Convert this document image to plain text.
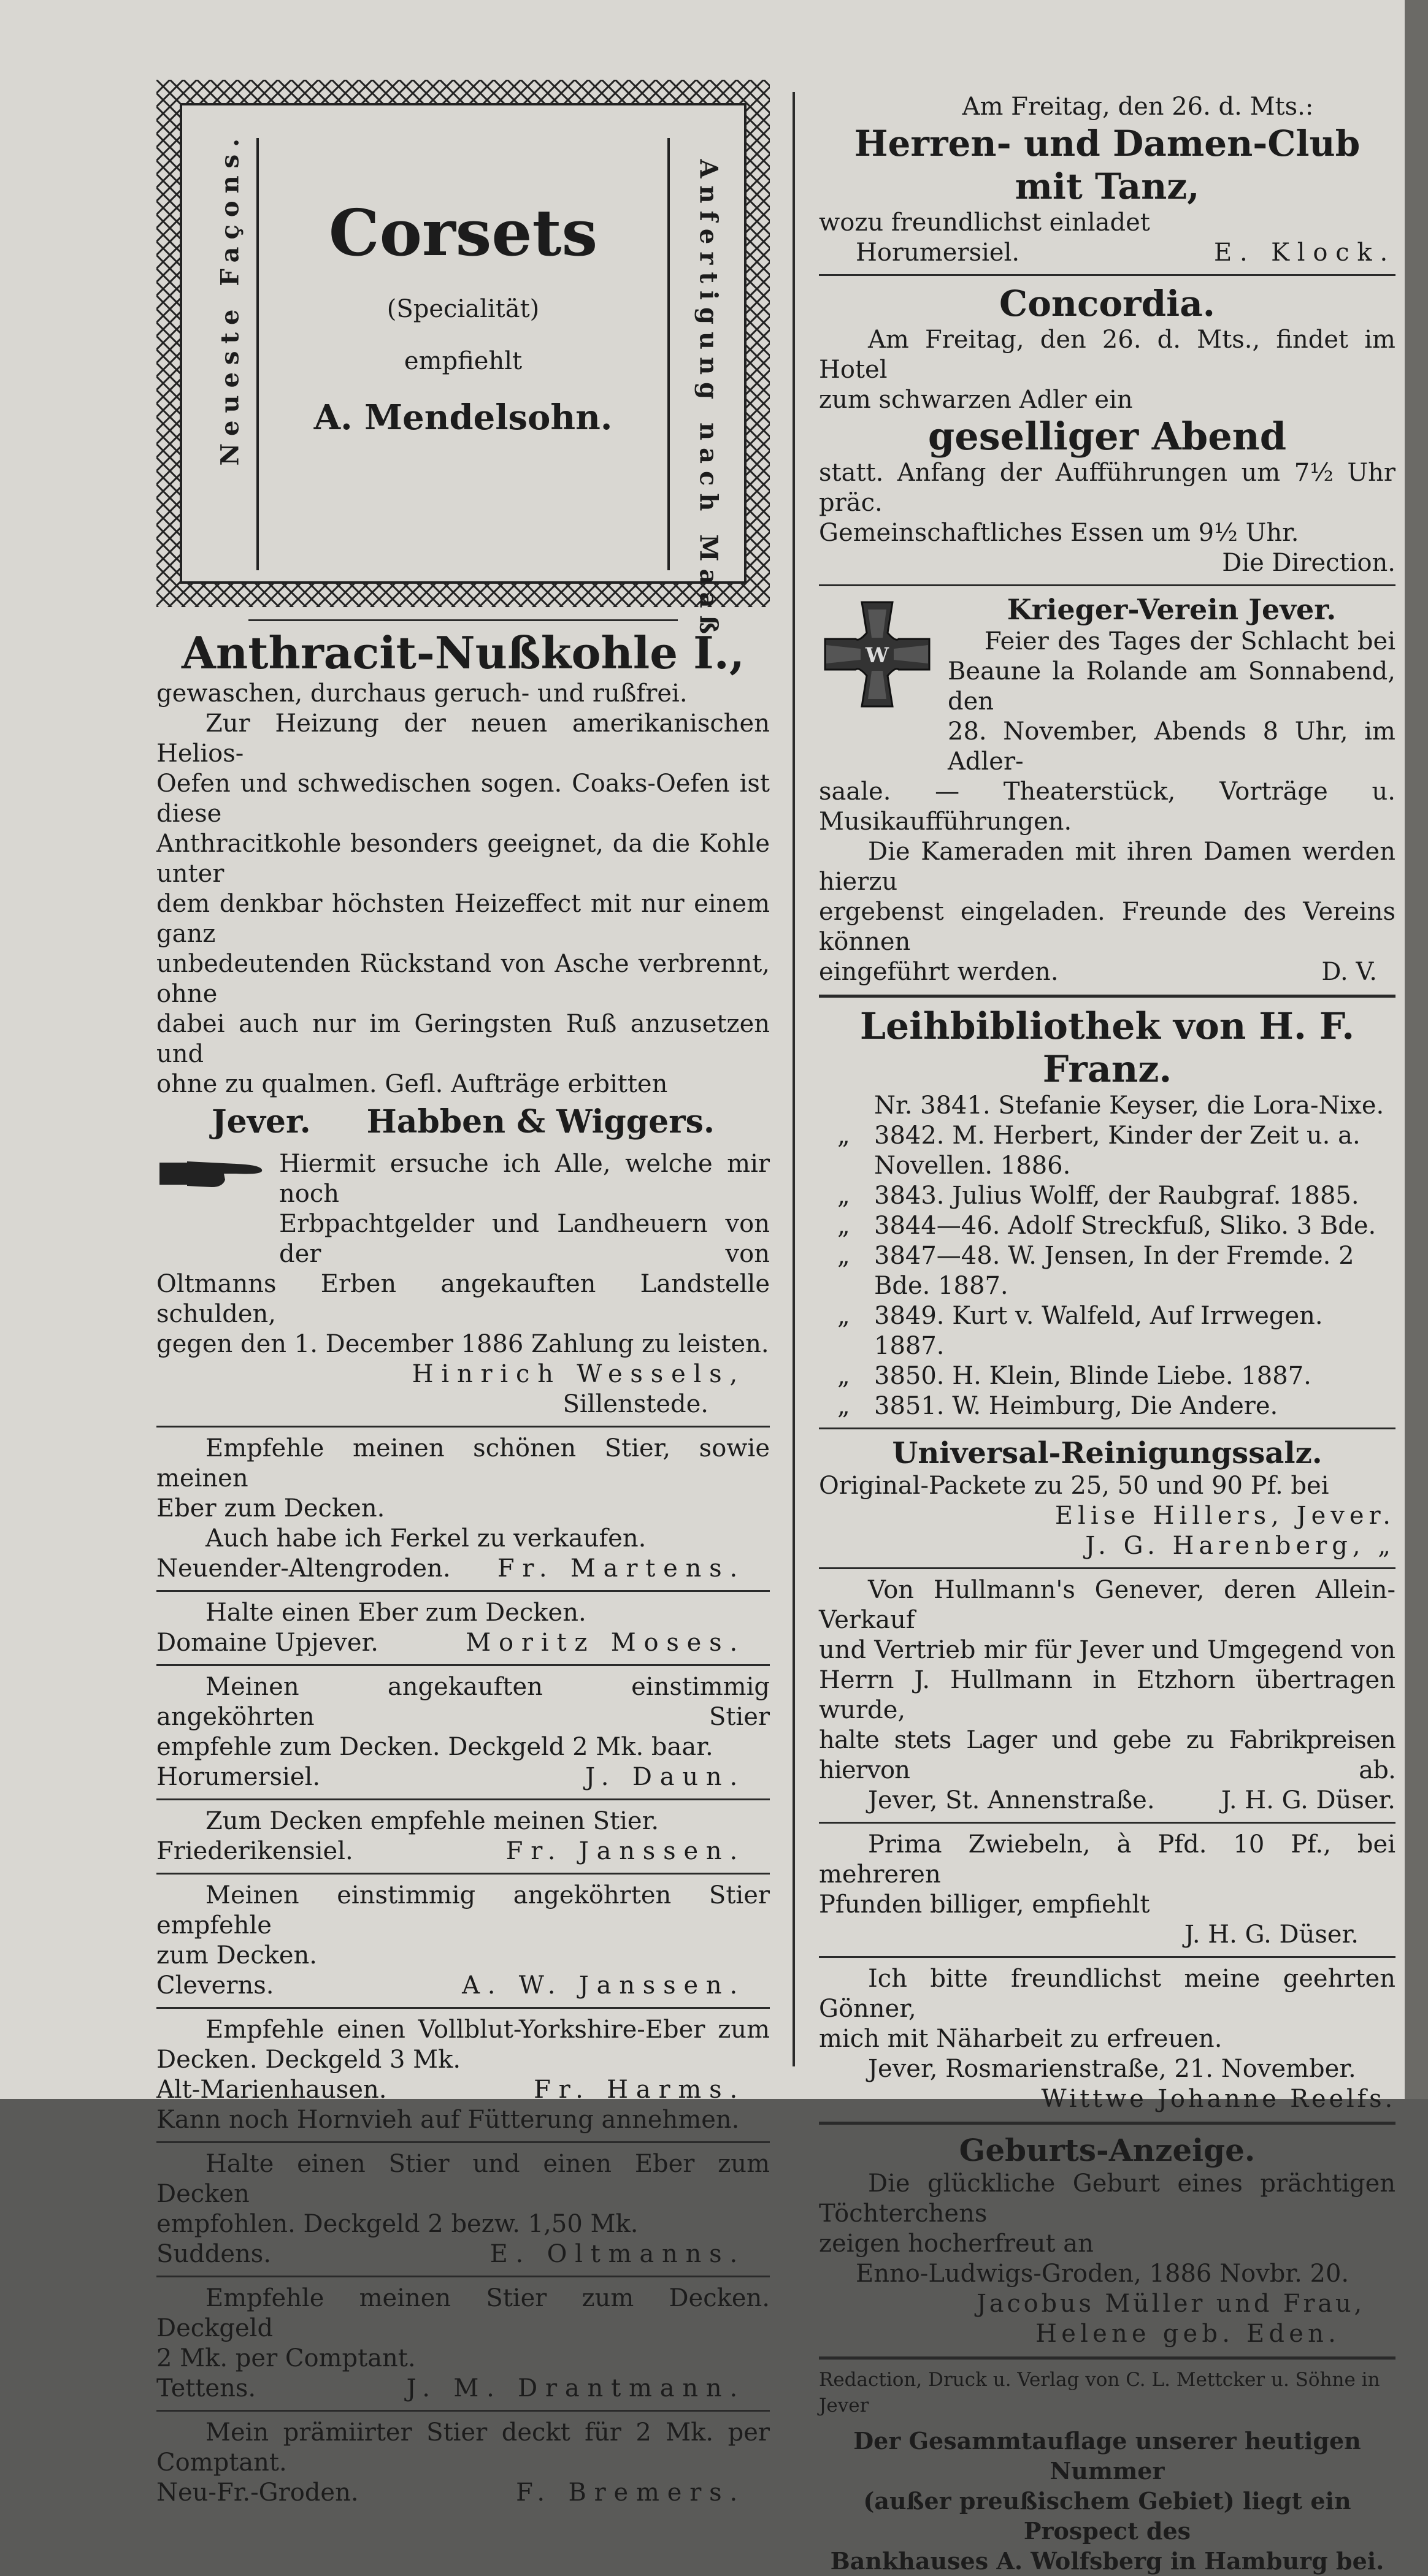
Neueste Façons.	Anfertigung nach Maaß.

Corsets

(Specialität)

empfiehlt

A. Mendelsohn.

Anthracit-Nußkohle I.,

gewaschen, durchaus geruch- und rußfrei.

Zur Heizung der neuen amerikanischen Helios-

Oefen und schwedischen sogen. Coaks-Oefen ist diese

Anthracitkohle besonders geeignet, da die Kohle unter

dem denkbar höchsten Heizeffect mit nur einem ganz

unbedeutenden Rückstand von Asche verbrennt, ohne

dabei auch nur im Geringsten Ruß anzusetzen und

ohne zu qualmen. Gefl. Aufträge erbitten

Jever. Habben & Wiggers.

Hiermit ersuche ich Alle, welche mir noch

Erbpachtgelder und Landheuern von der von

Oltmanns Erben angekauften Landstelle schulden,

gegen den 1. December 1886 Zahlung zu leisten.

Hinrich Wessels,

Sillenstede.

Empfehle meinen schönen Stier, sowie meinen

Eber zum Decken.

Auch habe ich Ferkel zu verkaufen.

Neuender-Altengroden. Fr. Martens.

Halte einen Eber zum Decken.

Domaine Upjever.	Moritz Moses.

Meinen angekauften einstimmig angeköhrten Stier

empfehle zum Decken. Deckgeld 2 Mk. baar.

Horumersiel.	J. Daun.

Zum Decken empfehle meinen Stier.

Friederikensiel.	Fr. Janssen.

Meinen einstimmig angeköhrten Stier empfehle

zum Decken.

Cleverns.	A. W. Janssen.

Empfehle einen Vollblut-Yorkshire-Eber zum

Decken. Deckgeld 3 Mk.

Alt-Marienhausen.	Fr. Harms.

Kann noch Hornvieh auf Fütterung annehmen.

Halte einen Stier und einen Eber zum Decken

empfohlen. Deckgeld 2 bezw. 1,50 Mk.

Suddens.	E. Oltmanns.

Empfehle meinen Stier zum Decken. Deckgeld

2 Mk. per Comptant.

Tettens.	J. M. Drantmann.

Mein prämiirter Stier deckt für 2 Mk. per

Comptant.

Neu-Fr.-Groden.	F. Bremers.

Am Freitag, den 26. d. Mts.:

Herren- und Damen-Club

mit Tanz,

wozu freundlichst einladet

Horumersiel.	E. Klock.

Concordia.

Am Freitag, den 26. d. Mts., findet im Hotel

zum schwarzen Adler ein

geselliger Abend

statt. Anfang der Aufführungen um 7½ Uhr präc.

Gemeinschaftliches Essen um 9½ Uhr.

Die Direction.

W

Krieger-Verein Jever.

Feier des Tages der Schlacht bei

Beaune la Rolande am Sonnabend, den

28. November, Abends 8 Uhr, im Adler-

saale. — Theaterstück, Vorträge u. Musikaufführungen.

Die Kameraden mit ihren Damen werden hierzu

ergebenst eingeladen. Freunde des Vereins können

eingeführt werden.	D. V.

Leihbibliothek von H. F. Franz.

Nr. 3841. Stefanie Keyser, die Lora-Nixe.
„ 3842. M. Herbert, Kinder der Zeit u. a. Novellen. 1886.
„ 3843. Julius Wolff, der Raubgraf. 1885.
„ 3844—46. Adolf Streckfuß, Sliko. 3 Bde.
„ 3847—48. W. Jensen, In der Fremde. 2 Bde. 1887.
„ 3849. Kurt v. Walfeld, Auf Irrwegen. 1887.
„ 3850. H. Klein, Blinde Liebe. 1887.
„ 3851. W. Heimburg, Die Andere.

Universal-Reinigungssalz.

Original-Packete zu 25, 50 und 90 Pf. bei

Elise Hillers, Jever.

J. G. Harenberg, „

Von Hullmann's Genever, deren Allein-Verkauf

und Vertrieb mir für Jever und Umgegend von

Herrn J. Hullmann in Etzhorn übertragen wurde,

halte stets Lager und gebe zu Fabrikpreisen hiervon ab.

Jever, St. Annenstraße.	J. H. G. Düser.

Prima Zwiebeln, à Pfd. 10 Pf., bei mehreren

Pfunden billiger, empfiehlt

J. H. G. Düser.

Ich bitte freundlichst meine geehrten Gönner,

mich mit Näharbeit zu erfreuen.

Jever, Rosmarienstraße, 21. November.

Wittwe Johanne Reelfs.

Geburts-Anzeige.

Die glückliche Geburt eines prächtigen Töchterchens

zeigen hocherfreut an

Enno-Ludwigs-Groden, 1886 Novbr. 20.

Jacobus Müller und Frau,

Helene geb. Eden.

Redaction, Druck u. Verlag von C. L. Mettcker u. Söhne in Jever

Der Gesammtauflage unserer heutigen Nummer

(außer preußischem Gebiet) liegt ein Prospect des

Bankhauses A. Wolfsberg in Hamburg bei.
